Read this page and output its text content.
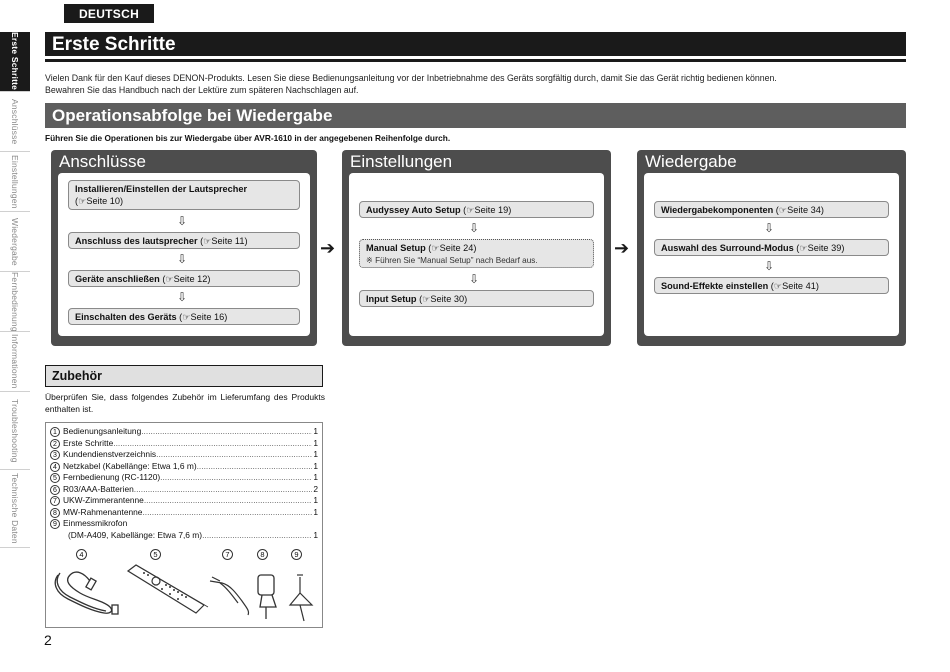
DEUTSCH
Erste Schritte
Anschlüsse
Einstellungen
Wiedergabe
Fernbedienung
Informationen
Troubleshooting
Technische Daten
Erste Schritte
Vielen Dank für den Kauf dieses DENON-Produkts. Lesen Sie diese Bedienungsanleitung vor der Inbetriebnahme des Geräts sorgfältig durch, damit Sie das Gerät richtig bedienen können.
Bewahren Sie das Handbuch nach der Lektüre zum späteren Nachschlagen auf.
Operationsabfolge bei Wiedergabe
Führen Sie die Operationen bis zur Wiedergabe über AVR-1610 in der angegebenen Reihenfolge durch.
Anschlüsse
Installieren/Einstellen der Lautsprecher
(☞Seite 10)
⇩
Anschluss des lautsprecher (☞Seite 11)
⇩
Geräte anschließen (☞Seite 12)
⇩
Einschalten des Geräts (☞Seite 16)
➔
Einstellungen
Audyssey Auto Setup (☞Seite 19)
⇩
Manual Setup (☞Seite 24)
※ Führen Sie “Manual Setup” nach Bedarf aus.
⇩
Input Setup (☞Seite 30)
➔
Wiedergabe
Wiedergabekomponenten (☞Seite 34)
⇩
Auswahl des Surround-Modus (☞Seite 39)
⇩
Sound-Effekte einstellen (☞Seite 41)
Zubehör
Überprüfen Sie, dass folgendes Zubehör im Lieferumfang des Produkts enthalten ist.
1 Bedienungsanleitung .....	1
2 Erste Schritte .....	1
3 Kundendienstverzeichnis .....	1
4 Netzkabel (Kabellänge: Etwa 1,6 m) .....	1
5 Fernbedienung (RC-1120) .....	1
6 R03/AAA-Batterien .....	2
7 UKW-Zimmerantenne .....	1
8 MW-Rahmenantenne .....	1
9 Einmessmikrofon
(DM-A409, Kabellänge: Etwa 7,6 m) .....	1
4	5	7	8	9
2
